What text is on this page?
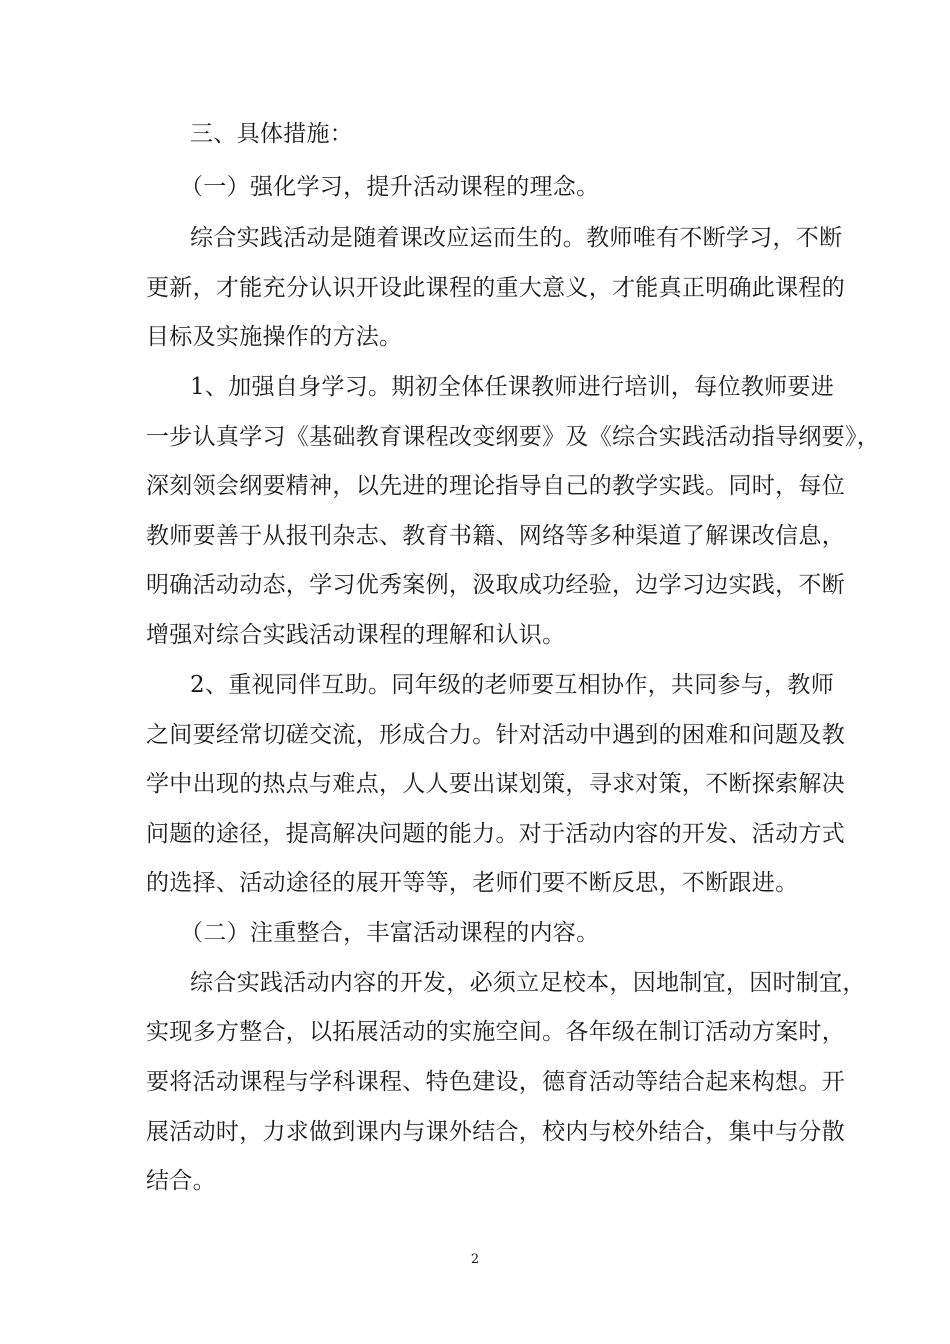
三、具体措施：
（一）强化学习，提升活动课程的理念。
综合实践活动是随着课改应运而生的。教师唯有不断学习，不断
更新，才能充分认识开设此课程的重大意义，才能真正明确此课程的
目标及实施操作的方法。
1、加强自身学习。期初全体任课教师进行培训，每位教师要进
一步认真学习《基础教育课程改变纲要》及《综合实践活动指导纲要》，
深刻领会纲要精神，以先进的理论指导自己的教学实践。同时，每位
教师要善于从报刊杂志、教育书籍、网络等多种渠道了解课改信息，
明确活动动态，学习优秀案例，汲取成功经验，边学习边实践，不断
增强对综合实践活动课程的理解和认识。
2、重视同伴互助。同年级的老师要互相协作，共同参与，教师
之间要经常切磋交流，形成合力。针对活动中遇到的困难和问题及教
学中出现的热点与难点，人人要出谋划策，寻求对策，不断探索解决
问题的途径，提高解决问题的能力。对于活动内容的开发、活动方式
的选择、活动途径的展开等等，老师们要不断反思，不断跟进。
（二）注重整合，丰富活动课程的内容。
综合实践活动内容的开发，必须立足校本，因地制宜，因时制宜，
实现多方整合，以拓展活动的实施空间。各年级在制订活动方案时，
要将活动课程与学科课程、特色建设，德育活动等结合起来构想。开
展活动时，力求做到课内与课外结合，校内与校外结合，集中与分散
结合。
2
